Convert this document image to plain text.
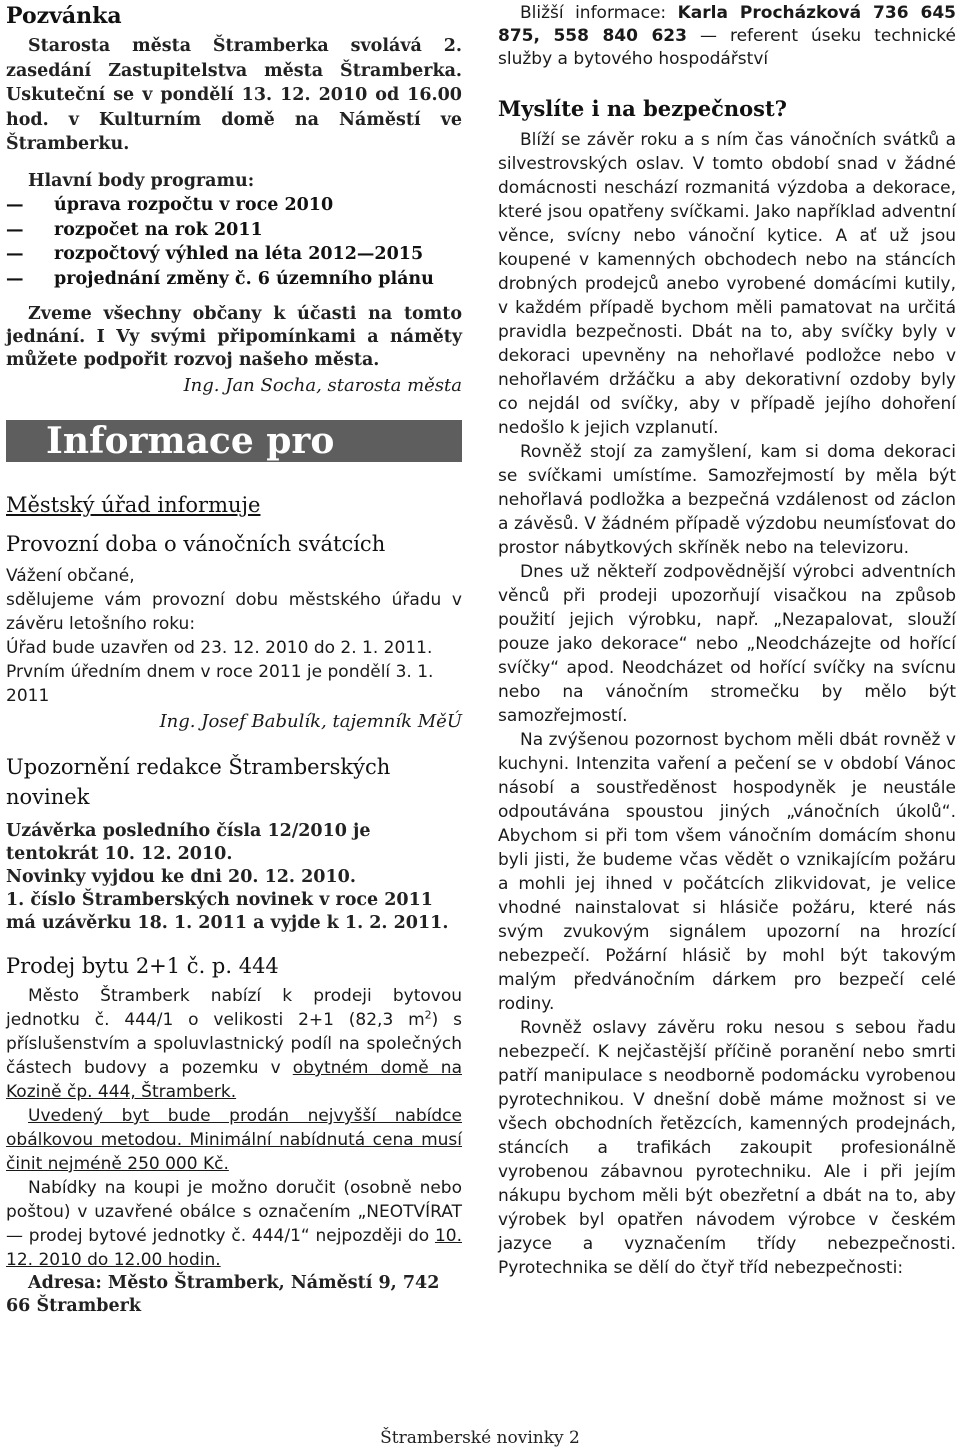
Pozvánka

Starosta města Štramberka svolává 2. zasedání Zastupitelstva města Štramberka. Uskuteční se v pondělí 13. 12. 2010 od 16.00 hod. v Kulturním domě na Náměstí ve Štramberku.

Hlavní body programu:

— úprava rozpočtu v roce 2010
— rozpočet na rok 2011
— rozpočtový výhled na léta 2012—2015
— projednání změny č. 6 územního plánu

Zveme všechny občany k účasti na tomto jednání. I Vy svými připomínkami a náměty můžete podpořit rozvoj našeho města.

Ing. Jan Socha, starosta města

Informace pro občany

Městský úřad informuje

Provozní doba o vánočních svátcích

Vážení občané,

sdělujeme vám provozní dobu městského úřadu v závěru letošního roku:

Úřad bude uzavřen od 23. 12. 2010 do 2. 1. 2011.

Prvním úředním dnem v roce 2011 je pondělí 3. 1. 2011

Ing. Josef Babulík, tajemník MěÚ

Upozornění redakce Štramberských novinek

Uzávěrka posledního čísla 12/2010 je tentokrát 10. 12. 2010.

Novinky vyjdou ke dni 20. 12. 2010.

1. číslo Štramberských novinek v roce 2011 má uzávěrku 18. 1. 2011 a vyjde k 1. 2. 2011.

Prodej bytu 2+1 č. p. 444

Město Štramberk nabízí k prodeji bytovou jednotku č. 444/1 o velikosti 2+1 (82,3 $m^2$) s příslušenstvím a spoluvlastnický podíl na společných částech budovy a pozemku v obytném domě na Kozině čp. 444, Štramberk.

Uvedený byt bude prodán nejvyšší nabídce obálkovou metodou. Minimální nabídnutá cena musí činit nejméně 250 000 Kč.

Nabídky na koupi je možno doručit (osobně nebo poštou) v uzavřené obálce s označením „NEOTVÍRAT — prodej bytové jednotky č. 444/1“ nejpozději do 10. 12. 2010 do 12.00 hodin.

Adresa: Město Štramberk, Náměstí 9, 742 66 Štramberk

Bližší informace: Karla Procházková 736 645 875, 558 840 623 — referent úseku technické služby a bytového hospodářství

Myslíte i na bezpečnost?

Blíží se závěr roku a s ním čas vánočních svátků a silvestrovských oslav. V tomto období snad v žádné domácnosti neschází rozmanitá výzdoba a dekorace, které jsou opatřeny svíčkami. Jako například adventní věnce, svícny nebo vánoční kytice. A ať už jsou koupené v kamenných obchodech nebo na stáncích drobných prodejců anebo vyrobené domácími kutily, v každém případě bychom měli pamatovat na určitá pravidla bezpečnosti. Dbát na to, aby svíčky byly v dekoraci upevněny na nehořlavé podložce nebo v nehořlavém držáčku a aby dekorativní ozdoby byly co nejdál od svíčky, aby v případě jejího dohoření nedošlo k jejich vzplanutí.

Rovněž stojí za zamyšlení, kam si doma dekoraci se svíčkami umístíme. Samozřejmostí by měla být nehořlavá podložka a bezpečná vzdálenost od záclon a závěsů. V žádném případě výzdobu neumísťovat do prostor nábytkových skříněk nebo na televizoru.

Dnes už někteří zodpovědnější výrobci adventních věnců při prodeji upozorňují visačkou na způsob použití jejich výrobku, např. „Nezapalovat, slouží pouze jako dekorace“ nebo „Neodcházejte od hořící svíčky“ apod. Neodcházet od hořící svíčky na svícnu nebo na vánočním stromečku by mělo být samozřejmostí.

Na zvýšenou pozornost bychom měli dbát rovněž v kuchyni. Intenzita vaření a pečení se v období Vánoc násobí a soustředěnost hospodyněk je neustále odpoutávána spoustou jiných „vánočních úkolů“. Abychom si při tom všem vánočním domácím shonu byli jisti, že budeme včas vědět o vznikajícím požáru a mohli jej ihned v počátcích zlikvidovat, je velice vhodné nainstalovat si hlásiče požáru, které nás svým zvukovým signálem upozorní na hrozící nebezpečí. Požární hlásič by mohl být takovým malým předvánočním dárkem pro bezpečí celé rodiny.

Rovněž oslavy závěru roku nesou s sebou řadu nebezpečí. K nejčastější příčině poranění nebo smrti patří manipulace s neodborně podomácku vyrobenou pyrotechnikou. V dnešní době máme možnost si ve všech obchodních řetězcích, kamenných prodejnách, stáncích a trafikách zakoupit profesionálně vyrobenou zábavnou pyrotechniku. Ale i při jejím nákupu bychom měli být obezřetní a dbát na to, aby výrobek byl opatřen návodem výrobce v českém jazyce a vyznačením třídy nebezpečnosti. Pyrotechnika se dělí do čtyř tříd nebezpečnosti:

Štramberské novinky 2
